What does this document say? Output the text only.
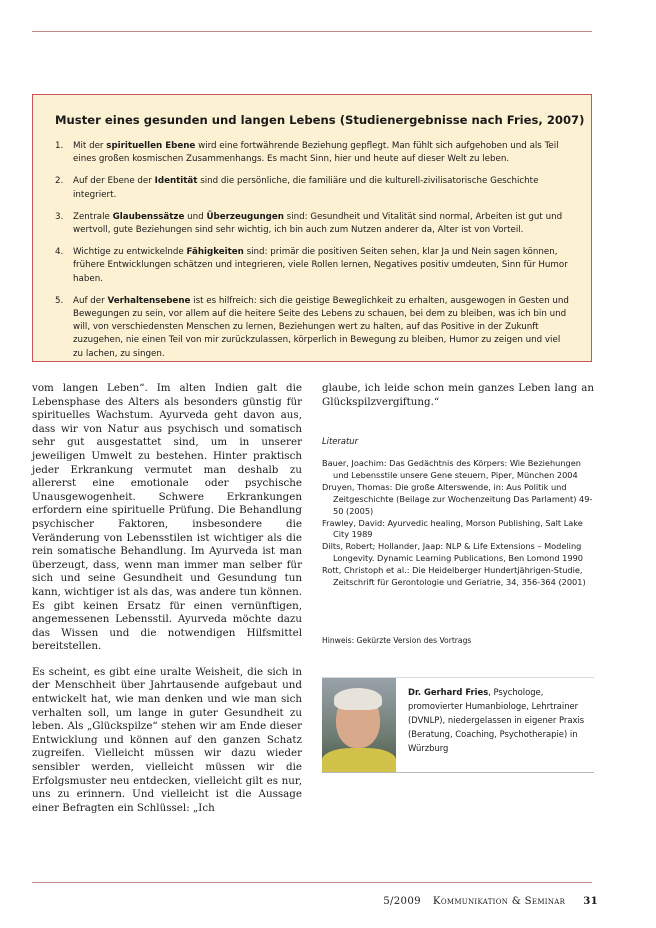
Muster eines gesunden und langen Lebens (Studienergebnisse nach Fries, 2007)
1. Mit der spirituellen Ebene wird eine fortwährende Beziehung gepflegt. Man fühlt sich aufgehoben und als Teil eines großen kosmischen Zusammenhangs. Es macht Sinn, hier und heute auf dieser Welt zu leben.
2. Auf der Ebene der Identität sind die persönliche, die familiäre und die kulturell-zivilisatorische Geschichte integriert.
3. Zentrale Glaubenssätze und Überzeugungen sind: Gesundheit und Vitalität sind normal, Arbeiten ist gut und wertvoll, gute Beziehungen sind sehr wichtig, ich bin auch zum Nutzen anderer da, Alter ist von Vorteil.
4. Wichtige zu entwickelnde Fähigkeiten sind: primär die positiven Seiten sehen, klar Ja und Nein sagen können, frühere Entwicklungen schätzen und integrieren, viele Rollen lernen, Negatives positiv umdeuten, Sinn für Humor haben.
5. Auf der Verhaltensebene ist es hilfreich: sich die geistige Beweglichkeit zu erhalten, ausgewogen in Gesten und Bewegungen zu sein, vor allem auf die heitere Seite des Lebens zu schauen, bei dem zu bleiben, was ich bin und will, von verschiedensten Menschen zu lernen, Beziehungen wert zu halten, auf das Positive in der Zukunft zuzugehen, nie einen Teil von mir zurückzulassen, körperlich in Bewegung zu bleiben, Humor zu zeigen und viel zu lachen, zu singen.

vom langen Leben“. Im alten Indien galt die Lebensphase des Alters als besonders günstig für spirituelles Wachstum. Ayurveda geht davon aus, dass wir von Natur aus psychisch und somatisch sehr gut ausgestattet sind, um in unserer jeweiligen Umwelt zu bestehen. Hinter praktisch jeder Erkrankung vermutet man deshalb zu allererst eine emotionale oder psychische Unausgewogenheit. Schwere Erkrankungen erfordern eine spirituelle Prüfung. Die Behandlung psychischer Faktoren, insbesondere die Veränderung von Lebensstilen ist wichtiger als die rein somatische Behandlung. Im Ayurveda ist man überzeugt, dass, wenn man immer man selber für sich und seine Gesundheit und Gesundung tun kann, wichtiger ist als das, was andere tun können. Es gibt keinen Ersatz für einen vernünftigen, angemessenen Lebensstil. Ayurveda möchte dazu das Wissen und die notwendigen Hilfsmittel bereitstellen.

Es scheint, es gibt eine uralte Weisheit, die sich in der Menschheit über Jahrtausende aufgebaut und entwickelt hat, wie man denken und wie man sich verhalten soll, um lange in guter Gesundheit zu leben. Als „Glückspilze“ stehen wir am Ende dieser Entwicklung und können auf den ganzen Schatz zugreifen. Vielleicht müssen wir dazu wieder sensibler werden, vielleicht müssen wir die Erfolgsmuster neu entdecken, vielleicht gilt es nur, uns zu erinnern. Und vielleicht ist die Aussage einer Befragten ein Schlüssel: „Ich

glaube, ich leide schon mein ganzes Leben lang an Glückspilzvergiftung.“

Literatur
Bauer, Joachim: Das Gedächtnis des Körpers: Wie Beziehungen und Lebensstile unsere Gene steuern, Piper, München 2004
Druyen, Thomas: Die große Alterswende, in: Aus Politik und Zeitgeschichte (Beilage zur Wochenzeitung Das Parlament) 49-50 (2005)
Frawley, David: Ayurvedic healing, Morson Publishing, Salt Lake City 1989
Dilts, Robert; Hollander, Jaap: NLP & Life Extensions – Modeling Longevity. Dynamic Learning Publications, Ben Lomond 1990
Rott, Christoph et al.: Die Heidelberger Hundertjährigen-Studie, Zeitschrift für Gerontologie und Geriatrie, 34, 356-364 (2001)
Hinweis: Gekürzte Version des Vortrags
Dr. Gerhard Fries, Psychologe, promovierter Humanbiologe, Lehrtrainer (DVNLP), niedergelassen in eigener Praxis (Beratung, Coaching, Psychotherapie) in Würzburg
5/2009 Kommunikation & Seminar 31
